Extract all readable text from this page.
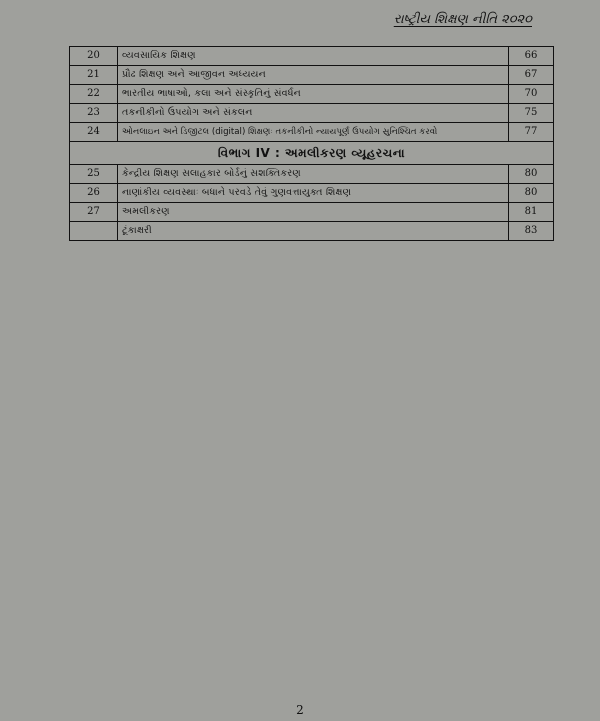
રાષ્ટ્રીય શિક્ષણ નીતિ ૨૦૨૦
20	વ્યવસાયિક શિક્ષણ	66
21	પ્રૌઢ શિક્ષણ અને આજીવન અધ્યયન	67
22	ભારતીય ભાષાઓ, કલા અને સંસ્કૃતિનું સંવર્ધન	70
23	તકનીકીનો ઉપયોગ અને સંકલન	75
24	ઓનલાઇન અને ડિજીટલ (digital) શિક્ષણઃ તકનીકીનો ન્યાયપૂર્ણ ઉપયોગ સુનિશ્ચિત કરવો	77
વિભાગ IV : અમલીકરણ વ્યૂહરચના		
25	કેન્દ્રીય શિક્ષણ સલાહકાર બોર્ડનું સશક્તિકરણ	80
26	નાણાંકીય વ્યવસ્થાઃ બધાને પરવડે તેવું ગુણવત્તાયુક્ત શિક્ષણ	80
27	અમલીકરણ	81
	ટૂંકાક્ષરી	83
2
